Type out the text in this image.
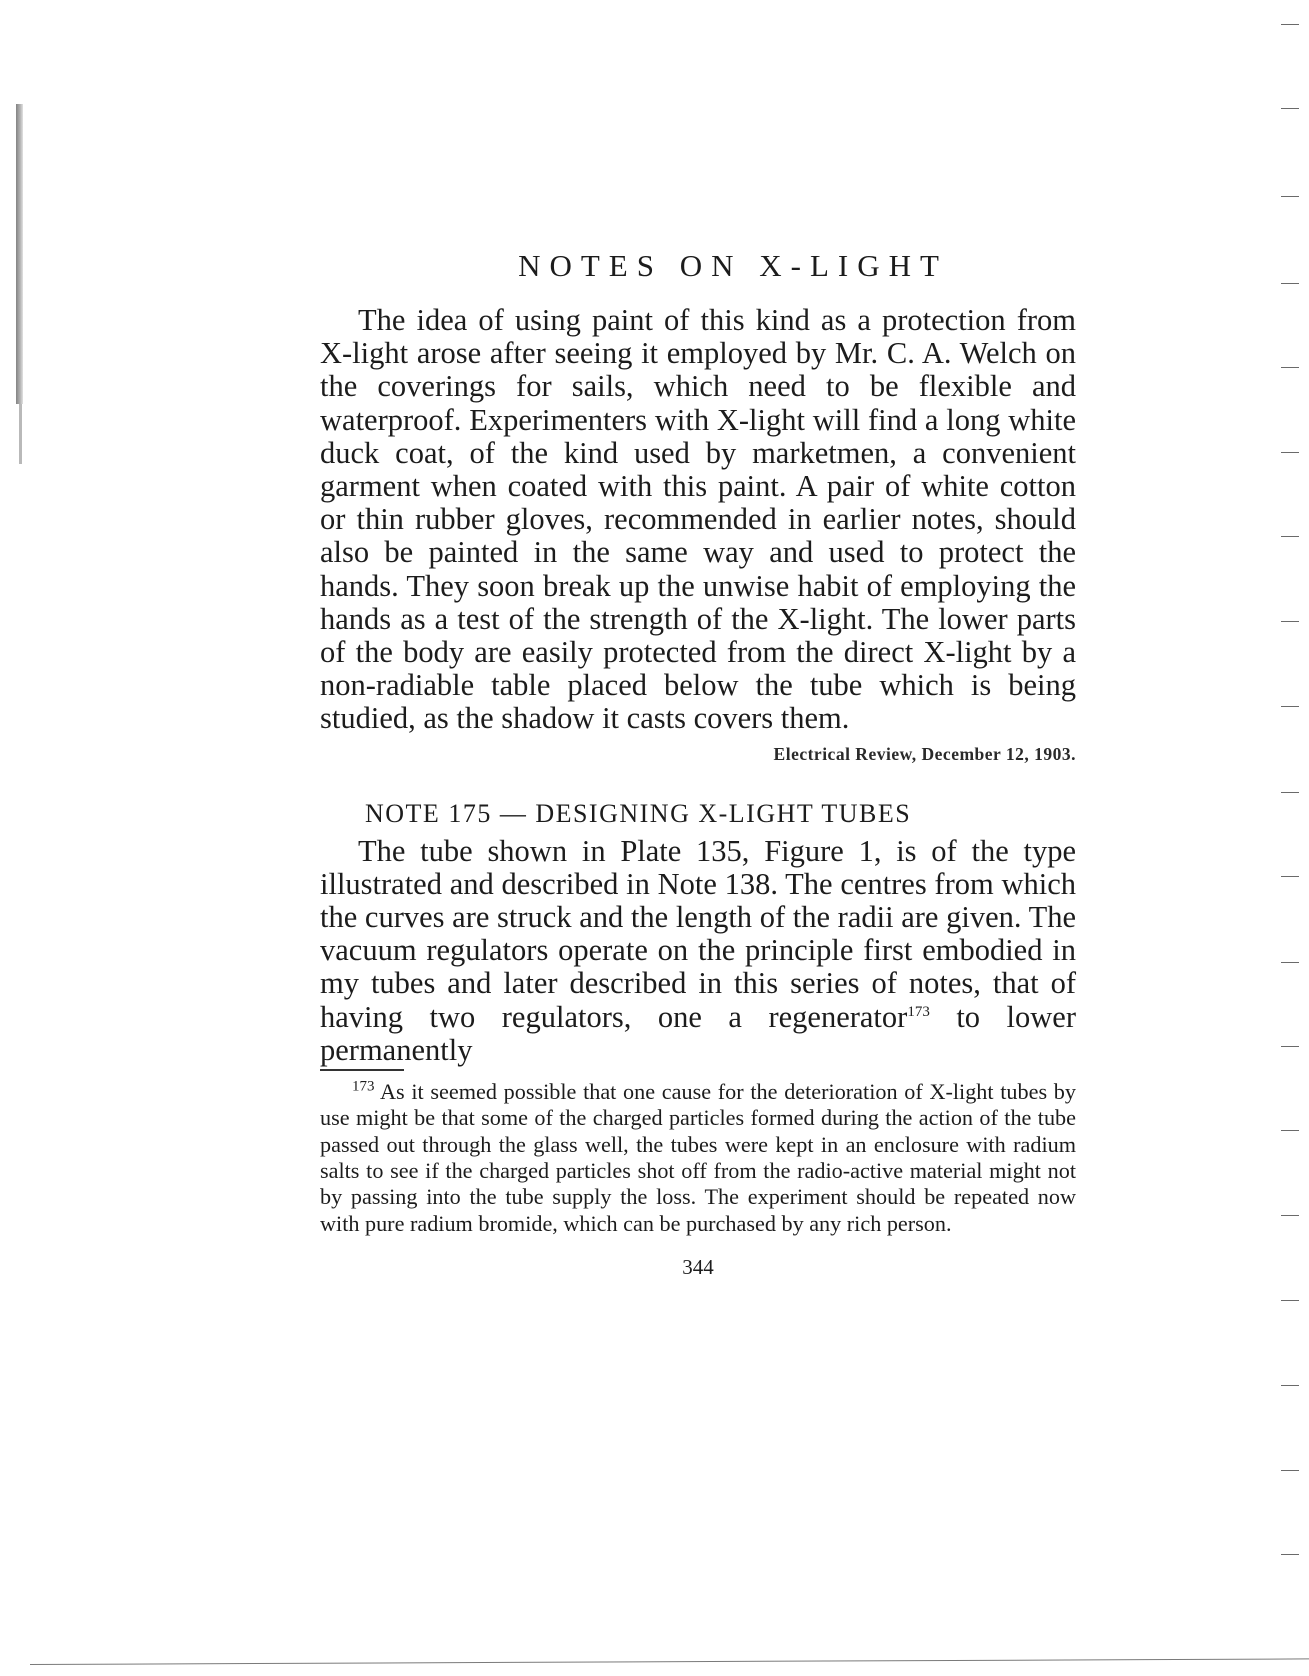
NOTES ON X-LIGHT

The idea of using paint of this kind as a protection from X-light arose after seeing it employed by Mr. C. A. Welch on the coverings for sails, which need to be flexible and waterproof. Experimenters with X-light will find a long white duck coat, of the kind used by marketmen, a convenient garment when coated with this paint. A pair of white cotton or thin rubber gloves, recommended in earlier notes, should also be painted in the same way and used to protect the hands. They soon break up the unwise habit of employing the hands as a test of the strength of the X-light. The lower parts of the body are easily protected from the direct X-light by a non-radiable table placed below the tube which is being studied, as the shadow it casts covers them.

Electrical Review, December 12, 1903.

NOTE 175 — DESIGNING X-LIGHT TUBES

The tube shown in Plate 135, Figure 1, is of the type illustrated and described in Note 138. The centres from which the curves are struck and the length of the radii are given. The vacuum regulators operate on the principle first embodied in my tubes and later described in this series of notes, that of having two regulators, one a regenerator$^{173}$ to lower permanently

$^{173}$ As it seemed possible that one cause for the deterioration of X-light tubes by use might be that some of the charged particles formed during the action of the tube passed out through the glass well, the tubes were kept in an enclosure with radium salts to see if the charged particles shot off from the radio-active material might not by passing into the tube supply the loss. The experiment should be repeated now with pure radium bromide, which can be purchased by any rich person.

344
